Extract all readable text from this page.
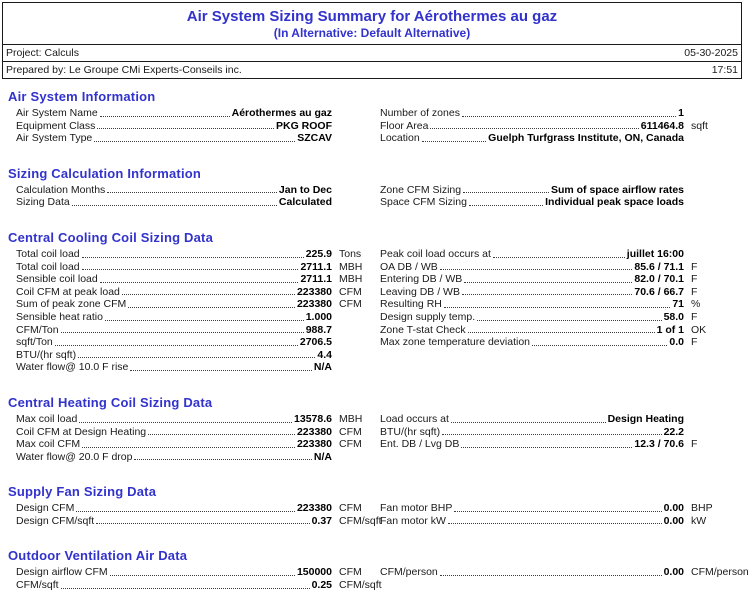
Air System Sizing Summary for Aérothermes au gaz
(In Alternative: Default Alternative)
Project: Calculs	05-30-2025
Prepared by: Le Groupe CMi Experts-Conseils inc.	17:51
Air System Information
Air System Name	Aérothermes au gaz
Equipment Class	PKG ROOF
Air System Type	SZCAV
Number of zones	1
Floor Area	611464.8 sqft
Location	Guelph Turfgrass Institute, ON, Canada
Sizing Calculation Information
Calculation Months	Jan to Dec
Sizing Data	Calculated
Zone CFM Sizing	Sum of space airflow rates
Space CFM Sizing	Individual peak space loads
Central Cooling Coil Sizing Data
Total coil load	225.9 Tons
Total coil load	2711.1 MBH
Sensible coil load	2711.1 MBH
Coil CFM at peak load	223380 CFM
Sum of peak zone CFM	223380 CFM
Sensible heat ratio	1.000
CFM/Ton	988.7
sqft/Ton	2706.5
BTU/(hr sqft)	4.4
Water flow@ 10.0 F rise	N/A
Peak coil load occurs at	juillet 16:00
OA DB / WB	85.6 / 71.1 F
Entering DB / WB	82.0 / 70.1 F
Leaving DB / WB	70.6 / 66.7 F
Resulting RH	71 %
Design supply temp.	58.0 F
Zone T-stat Check	1 of 1 OK
Max zone temperature deviation	0.0 F
Central Heating Coil Sizing Data
Max coil load	13578.6 MBH
Coil CFM at Design Heating	223380 CFM
Max coil CFM	223380 CFM
Water flow@ 20.0 F drop	N/A
Load occurs at	Design Heating
BTU/(hr sqft)	22.2
Ent. DB / Lvg DB	12.3 / 70.6 F
Supply Fan Sizing Data
Design CFM	223380 CFM
Design CFM/sqft	0.37 CFM/sqft
Fan motor BHP	0.00 BHP
Fan motor kW	0.00 kW
Outdoor Ventilation Air Data
Design airflow CFM	150000 CFM
CFM/sqft	0.25 CFM/sqft
CFM/person	0.00 CFM/person
